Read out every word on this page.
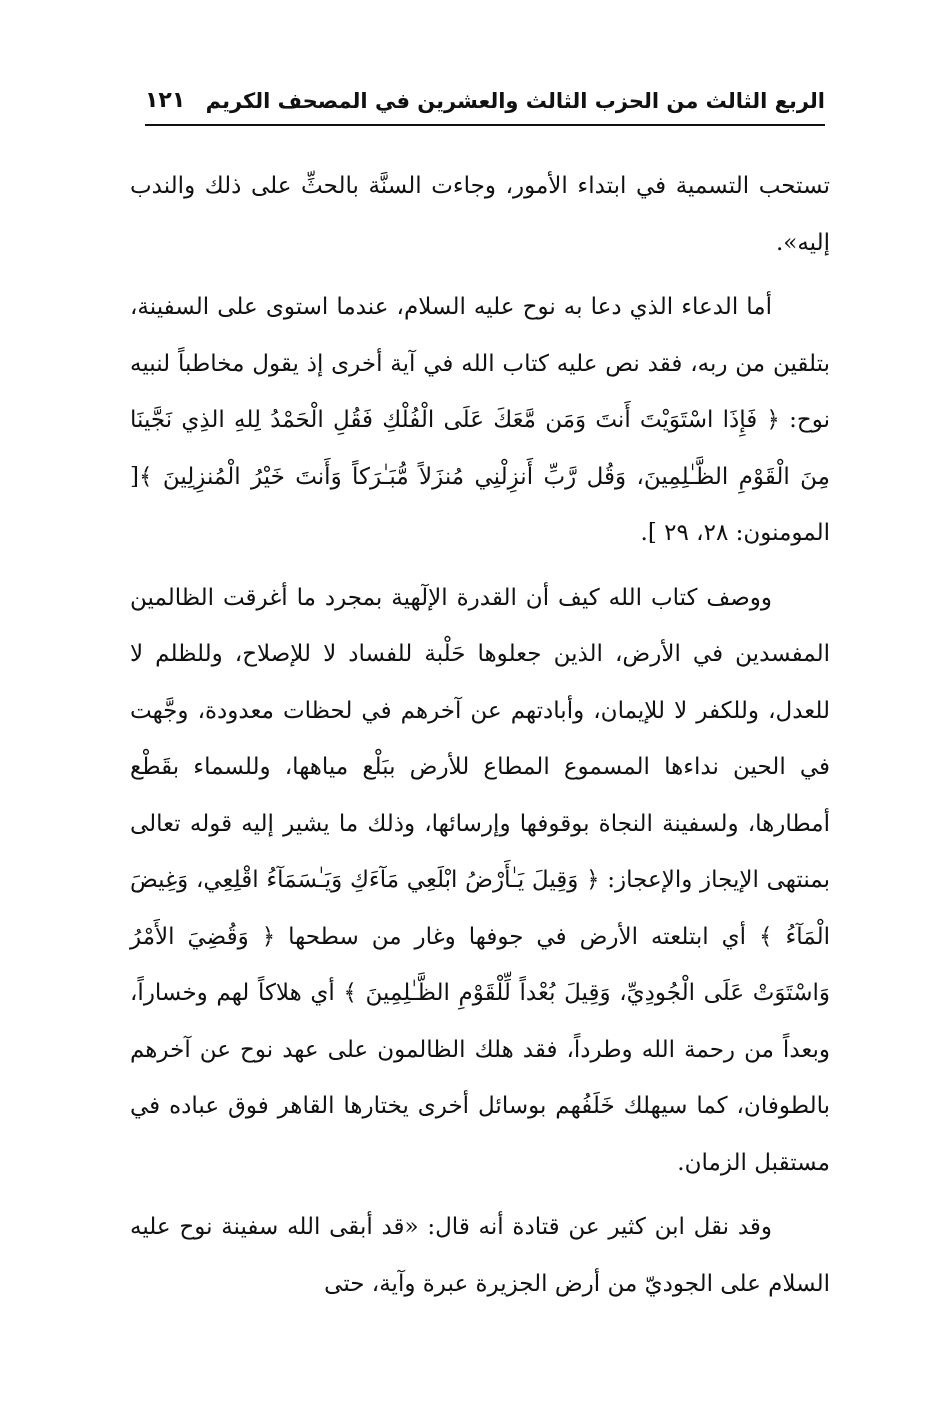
الربع الثالث من الحزب الثالث والعشرين في المصحف الكريم
١٢١

تستحب التسمية في ابتداء الأمور، وجاءت السنَّة بالحثِّ على ذلك والندب إليه».

أما الدعاء الذي دعا به نوح عليه السلام، عندما استوى على السفينة، بتلقين من ربه، فقد نص عليه كتاب الله في آية أخرى إذ يقول مخاطباً لنبيه نوح: ﴿ فَإِذَا اسْتَوَيْتَ أَنتَ وَمَن مَّعَكَ عَلَى الْفُلْكِ فَقُلِ الْحَمْدُ لِلهِ الذِي نَجَّينَا مِنَ الْقَوْمِ الظَّـٰلِمِينَ، وَقُل رَّبِّ أَنزِلْنِي مُنزَلاً مُّبَـٰرَكاً وَأَنتَ خَيْرُ الْمُنزِلِينَ ﴾[ المومنون: ٢٨، ٢٩ ].

ووصف كتاب الله كيف أن القدرة الإلٓهية بمجرد ما أغرقت الظالمين المفسدين في الأرض، الذين جعلوها حَلْبة للفساد لا للإصلاح، وللظلم لا للعدل، وللكفر لا للإيمان، وأبادتهم عن آخرهم في لحظات معدودة، وجَّهت في الحين نداءها المسموع المطاع للأرض ببَلْع مياهها، وللسماء بقَطْع أمطارها، ولسفينة النجاة بوقوفها وإرسائها، وذلك ما يشير إليه قوله تعالى بمنتهى الإيجاز والإعجاز: ﴿ وَقِيلَ يَـٰأَرْضُ ابْلَعِي مَآءَكِ وَيَـٰسَمَآءُ اقْلِعِي، وَغِيضَ الْمَآءُ ﴾ أي ابتلعته الأرض في جوفها وغار من سطحها ﴿ وَقُضِيَ الأَمْرُ وَاسْتَوَتْ عَلَى الْجُودِيِّ، وَقِيلَ بُعْداً لِّلْقَوْمِ الظَّـٰلِمِينَ ﴾ أي هلاكاً لهم وخساراً، وبعداً من رحمة الله وطرداً، فقد هلك الظالمون على عهد نوح عن آخرهم بالطوفان، كما سيهلك خَلَفُهم بوسائل أخرى يختارها القاهر فوق عباده في مستقبل الزمان.

وقد نقل ابن كثير عن قتادة أنه قال: «قد أبقى الله سفينة نوح عليه السلام على الجوديّ من أرض الجزيرة عبرة وآية، حتى
